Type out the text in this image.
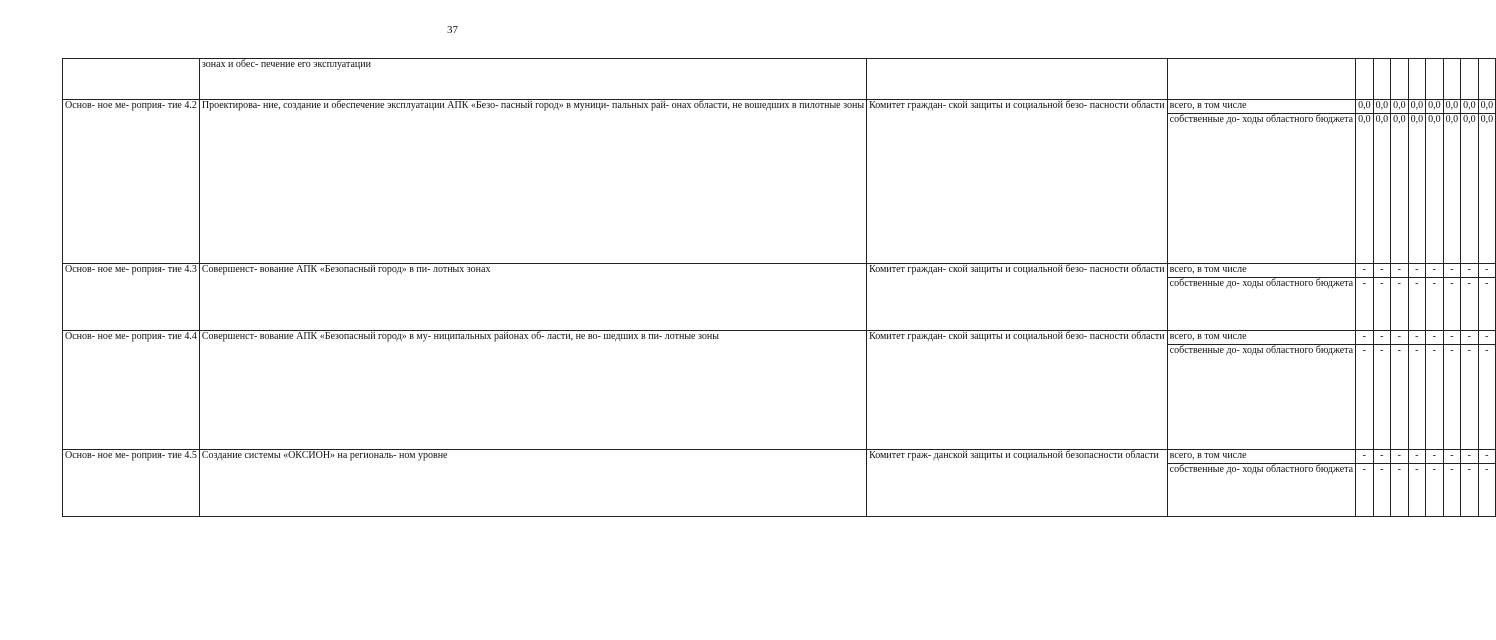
37
	зонах и обес- печение его эксплуатации										
Основ- ное ме- роприя- тие 4.2	Проектирова- ние, создание и обеспечение эксплуатации АПК «Безо- пасный город» в муници- пальных рай- онах области, не вошедших в пилотные зоны	Комитет граждан- ской защиты и социальной безо- пасности области	всего, в том числе	0,0	0,0	0,0	0,0	0,0	0,0	0,0	0,0
			собственные до- ходы областного бюджета	0,0	0,0	0,0	0,0	0,0	0,0	0,0	0,0
Основ- ное ме- роприя- тие 4.3	Совершенст- вование АПК «Безопасный город» в пи- лотных зонах	Комитет граждан- ской защиты и социальной безо- пасности области	всего, в том числе	-	-	-	-	-	-	-	-
			собственные до- ходы областного бюджета	-	-	-	-	-	-	-	-
Основ- ное ме- роприя- тие 4.4	Совершенст- вование АПК «Безопасный город» в му- ниципальных районах об- ласти, не во- шедших в пи- лотные зоны	Комитет граждан- ской защиты и социальной безо- пасности области	всего, в том числе	-	-	-	-	-	-	-	-
			собственные до- ходы областного бюджета	-	-	-	-	-	-	-	-
Основ- ное ме- роприя- тие 4.5	Создание системы «ОКСИОН» на региональ- ном уровне	Комитет граж- данской защиты и социальной безопасности области	всего, в том числе	-	-	-	-	-	-	-	-
			собственные до- ходы областного бюджета	-	-	-	-	-	-	-	-
